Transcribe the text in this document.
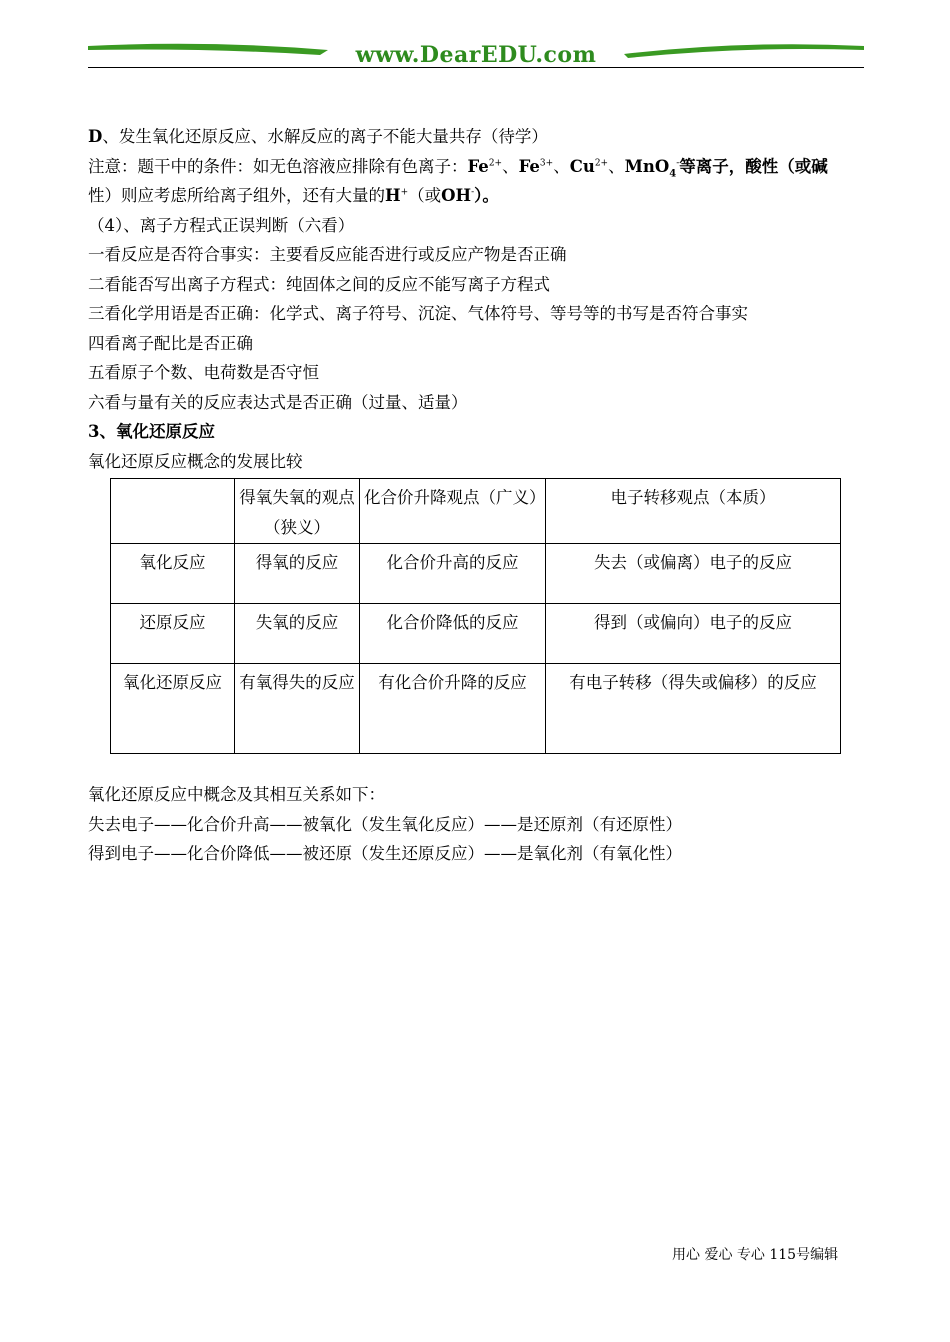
www.DearEDU.com
D、发生氧化还原反应、水解反应的离子不能大量共存（待学）
注意：题干中的条件：如无色溶液应排除有色离子：$Fe^{2+}$、$Fe^{3+}$、$Cu^{2+}$、MnO$_4$-等离子，酸性（或碱
性）则应考虑所给离子组外，还有大量的H+（或OH-）。
（4）、离子方程式正误判断（六看）
一看反应是否符合事实：主要看反应能否进行或反应产物是否正确
二看能否写出离子方程式：纯固体之间的反应不能写离子方程式
三看化学用语是否正确：化学式、离子符号、沉淀、气体符号、等号等的书写是否符合事实
四看离子配比是否正确
五看原子个数、电荷数是否守恒
六看与量有关的反应表达式是否正确（过量、适量）
3、氧化还原反应
氧化还原反应概念的发展比较
	得氧失氧的观点（狭义）	化合价升降观点（广义）	电子转移观点（本质）
氧化反应	得氧的反应	化合价升高的反应	失去（或偏离）电子的反应
还原反应	失氧的反应	化合价降低的反应	得到（或偏向）电子的反应
氧化还原反应	有氧得失的反应	有化合价升降的反应	有电子转移（得失或偏移）的反应
氧化还原反应中概念及其相互关系如下：
失去电子——化合价升高——被氧化（发生氧化反应）——是还原剂（有还原性）
得到电子——化合价降低——被还原（发生还原反应）——是氧化剂（有氧化性）
用心 爱心 专心 115号编辑
